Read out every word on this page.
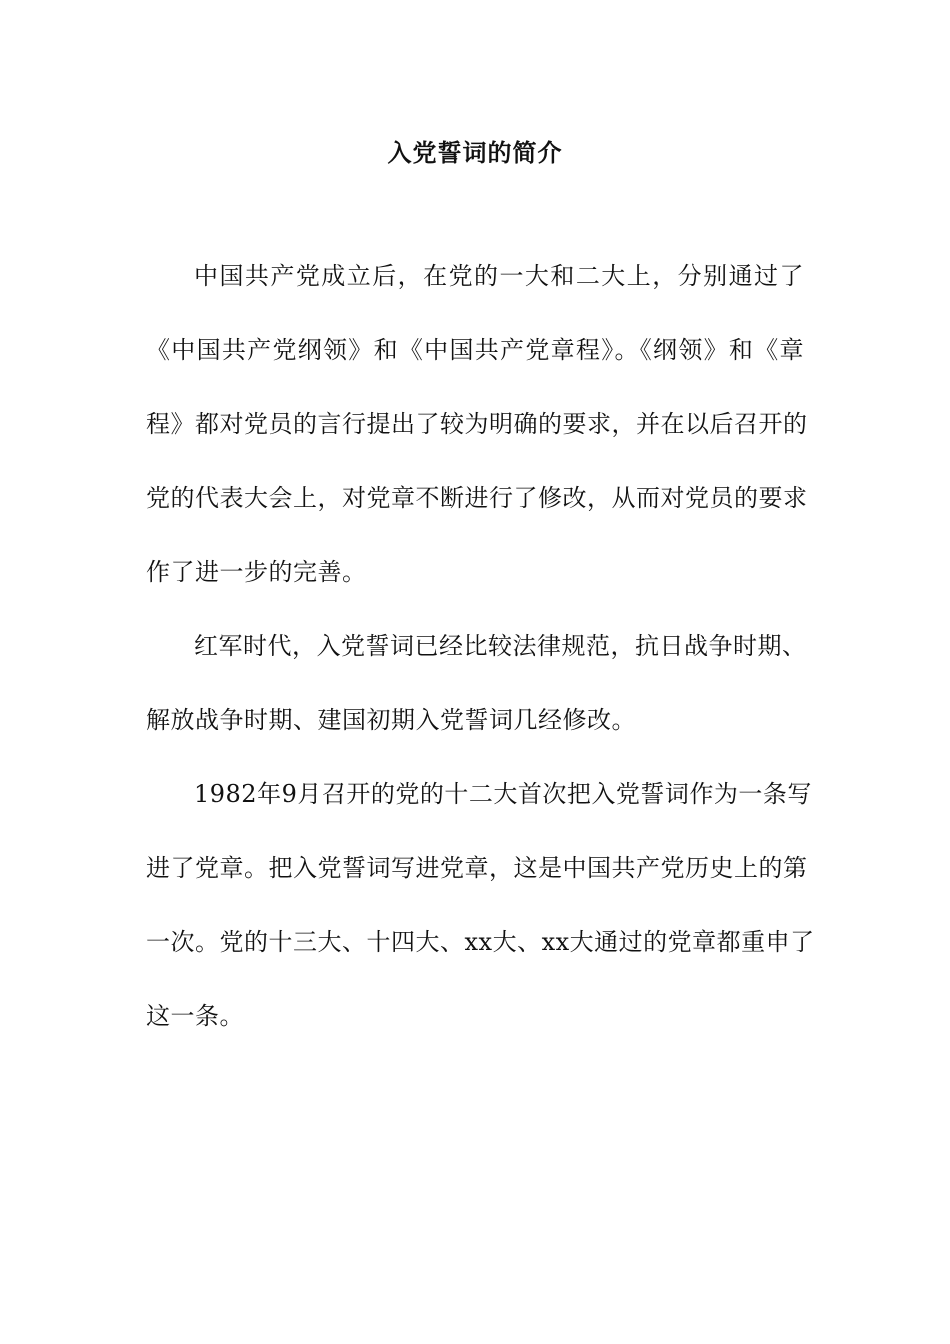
入党誓词的简介
中国共产党成立后，在党的一大和二大上，分别通过了
《中国共产党纲领》和《中国共产党章程》。《纲领》和《章
程》都对党员的言行提出了较为明确的要求，并在以后召开的
党的代表大会上，对党章不断进行了修改，从而对党员的要求
作了进一步的完善。
红军时代，入党誓词已经比较法律规范，抗日战争时期、
解放战争时期、建国初期入党誓词几经修改。
1982年9月召开的党的十二大首次把入党誓词作为一条写
进了党章。把入党誓词写进党章，这是中国共产党历史上的第
一次。党的十三大、十四大、xx大、xx大通过的党章都重申了
这一条。
